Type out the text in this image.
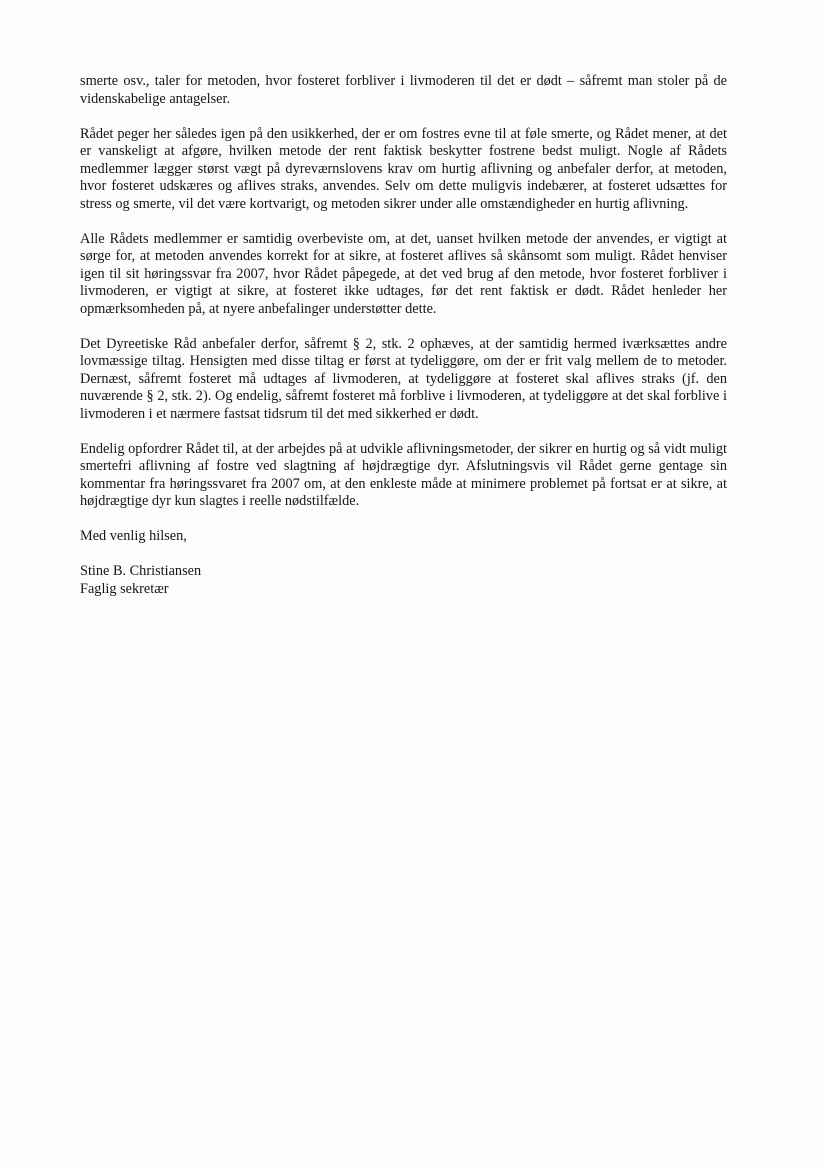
smerte osv., taler for metoden, hvor fosteret forbliver i livmoderen til det er dødt – såfremt man stoler på de videnskabelige antagelser.

Rådet peger her således igen på den usikkerhed, der er om fostres evne til at føle smerte, og Rådet mener, at det er vanskeligt at afgøre, hvilken metode der rent faktisk beskytter fostrene bedst muligt. Nogle af Rådets medlemmer lægger størst vægt på dyreværnslovens krav om hurtig aflivning og anbefaler derfor, at metoden, hvor fosteret udskæres og aflives straks, anvendes. Selv om dette muligvis indebærer, at fosteret udsættes for stress og smerte, vil det være kortvarigt, og metoden sikrer under alle omstændigheder en hurtig aflivning.

Alle Rådets medlemmer er samtidig overbeviste om, at det, uanset hvilken metode der anvendes, er vigtigt at sørge for, at metoden anvendes korrekt for at sikre, at fosteret aflives så skånsomt som muligt. Rådet henviser igen til sit høringssvar fra 2007, hvor Rådet påpegede, at det ved brug af den metode, hvor fosteret forbliver i livmoderen, er vigtigt at sikre, at fosteret ikke udtages, før det rent faktisk er dødt. Rådet henleder her opmærksomheden på, at nyere anbefalinger understøtter dette.

Det Dyreetiske Råd anbefaler derfor, såfremt § 2, stk. 2 ophæves, at der samtidig hermed iværksættes andre lovmæssige tiltag. Hensigten med disse tiltag er først at tydeliggøre, om der er frit valg mellem de to metoder. Dernæst, såfremt fosteret må udtages af livmoderen, at tydeliggøre at fosteret skal aflives straks (jf. den nuværende § 2, stk. 2). Og endelig, såfremt fosteret må forblive i livmoderen, at tydeliggøre at det skal forblive i livmoderen i et nærmere fastsat tidsrum til det med sikkerhed er dødt.

Endelig opfordrer Rådet til, at der arbejdes på at udvikle aflivningsmetoder, der sikrer en hurtig og så vidt muligt smertefri aflivning af fostre ved slagtning af højdrægtige dyr. Afslutningsvis vil Rådet gerne gentage sin kommentar fra høringssvaret fra 2007 om, at den enkleste måde at minimere problemet på fortsat er at sikre, at højdrægtige dyr kun slagtes i reelle nødstilfælde.

Med venlig hilsen,

Stine B. Christiansen

Faglig sekretær
